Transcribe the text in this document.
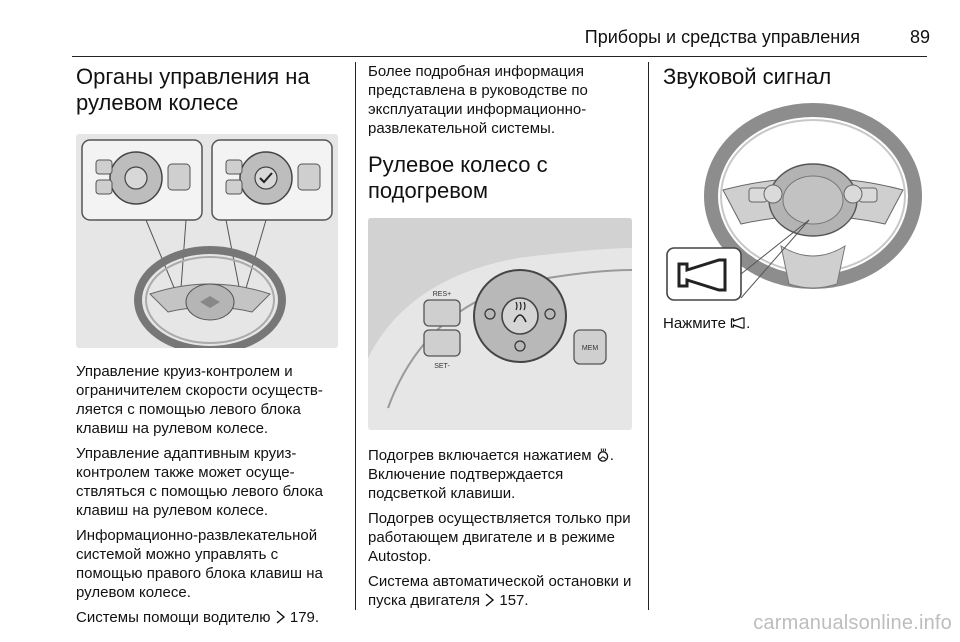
Приборы и средства управления	89
Органы управления на рулевом колесе

Управление круиз-контролем и ограничителем скорости осуществляется с помощью левого блока клавиш на рулевом колесе.

Управление адаптивным круиз-контролем также может осуществляться с помощью левого блока клавиш на рулевом колесе.

Информационно-развлекательной системой можно управлять с помощью правого блока клавиш на рулевом колесе.

Системы помощи водителю 179.

Более подробная информация представлена в руководстве по эксплуатации информационно-развлекательной системы.

Рулевое колесо с подогревом
RES+
SET-
MEM

Подогрев включается нажатием . Включение подтверждается подсветкой клавиши.

Подогрев осуществляется только при работающем двигателе и в режиме Autostop.

Система автоматической остановки и пуска двигателя 157.

Звуковой сигнал

Нажмите .

carmanualsonline.info
